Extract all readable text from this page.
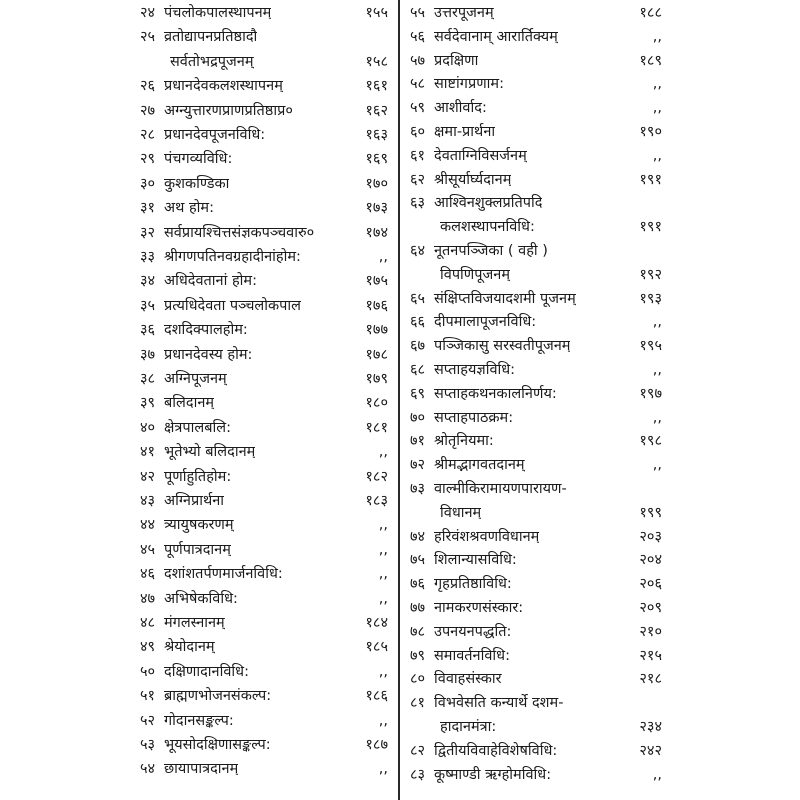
२४ पंचलोकपालस्थापनम्	१५५
२५ व्रतोद्यापनप्रतिष्ठादौ
सर्वतोभद्रपूजनम्	१५८
२६ प्रधानदेवकलशस्थापनम्	१६१
२७ अग्न्युत्तारणप्राणप्रतिष्ठाप्र०	१६२
२८ प्रधानदेवपूजनविधि:	१६३
२९ पंचगव्यविधि:	१६९
३० कुशकण्डिका	१७०
३१ अथ होम:	१७३
३२ सर्वप्रायश्चित्तसंज्ञकपञ्चवारु०	१७४
३३ श्रीगणपतिनवग्रहादीनांहोम:	,,
३४ अधिदेवतानां होम:	१७५
३५ प्रत्यधिदेवता पञ्चलोकपाल	१७६
३६ दशदिक्पालहोम:	१७७
३७ प्रधानदेवस्य होम:	१७८
३८ अग्निपूजनम्	१७९
३९ बलिदानम्	१८०
४० क्षेत्रपालबलि:	१८१
४१ भूतेभ्यो बलिदानम्	,,
४२ पूर्णाहुतिहोम:	१८२
४३ अग्निप्रार्थना	१८३
४४ त्र्यायुषकरणम्	,,
४५ पूर्णपात्रदानम्	,,
४६ दशांशतर्पणमार्जनविधि:	,,
४७ अभिषेकविधि:	,,
४८ मंगलस्नानम्	१८४
४९ श्रेयोदानम्	१८५
५० दक्षिणादानविधि:	,,
५१ ब्राह्मणभोजनसंकल्प:	१८६
५२ गोदानसङ्कल्प:	,,
५३ भूयसोदक्षिणासङ्कल्प:	१८७
५४ छायापात्रदानम्	,,
५५ उत्तरपूजनम्	१८८
५६ सर्वदेवानाम् आरार्तिक्यम्	,,
५७ प्रदक्षिणा	१८९
५८ साष्टांगप्रणाम:	,,
५९ आशीर्वाद:	,,
६० क्षमा-प्रार्थना	१९०
६१ देवताग्निविसर्जनम्	,,
६२ श्रीसूर्यार्घ्यदानम्	१९१
६३ आश्विनशुक्लप्रतिपदि
कलशस्थापनविधि:	१९१
६४ नूतनपञ्जिका ( वही )
विपणिपूजनम्	१९२
६५ संक्षिप्तविजयादशमी पूजनम्	१९३
६६ दीपमालापूजनविधि:	,,
६७ पञ्जिकासु सरस्वतीपूजनम्	१९५
६८ सप्ताहयज्ञविधि:	,,
६९ सप्ताहकथनकालनिर्णय:	१९७
७० सप्ताहपाठक्रम:	,,
७१ श्रोतृनियमा:	१९८
७२ श्रीमद्भागवतदानम्	,,
७३ वाल्मीकिरामायणपारायण-
विधानम्	१९९
७४ हरिवंशश्रवणविधानम्	२०३
७५ शिलान्यासविधि:	२०४
७६ गृहप्रतिष्ठाविधि:	२०६
७७ नामकरणसंस्कार:	२०९
७८ उपनयनपद्धति:	२१०
७९ समावर्तनविधि:	२१५
८० विवाहसंस्कार	२१८
८१ विभवेसति कन्यार्थे दशम-
हादानमंत्रा:	२३४
८२ द्वितीयविवाहेविशेषविधि:	२४२
८३ कूष्माण्डी ऋग्होमविधि:	,,
